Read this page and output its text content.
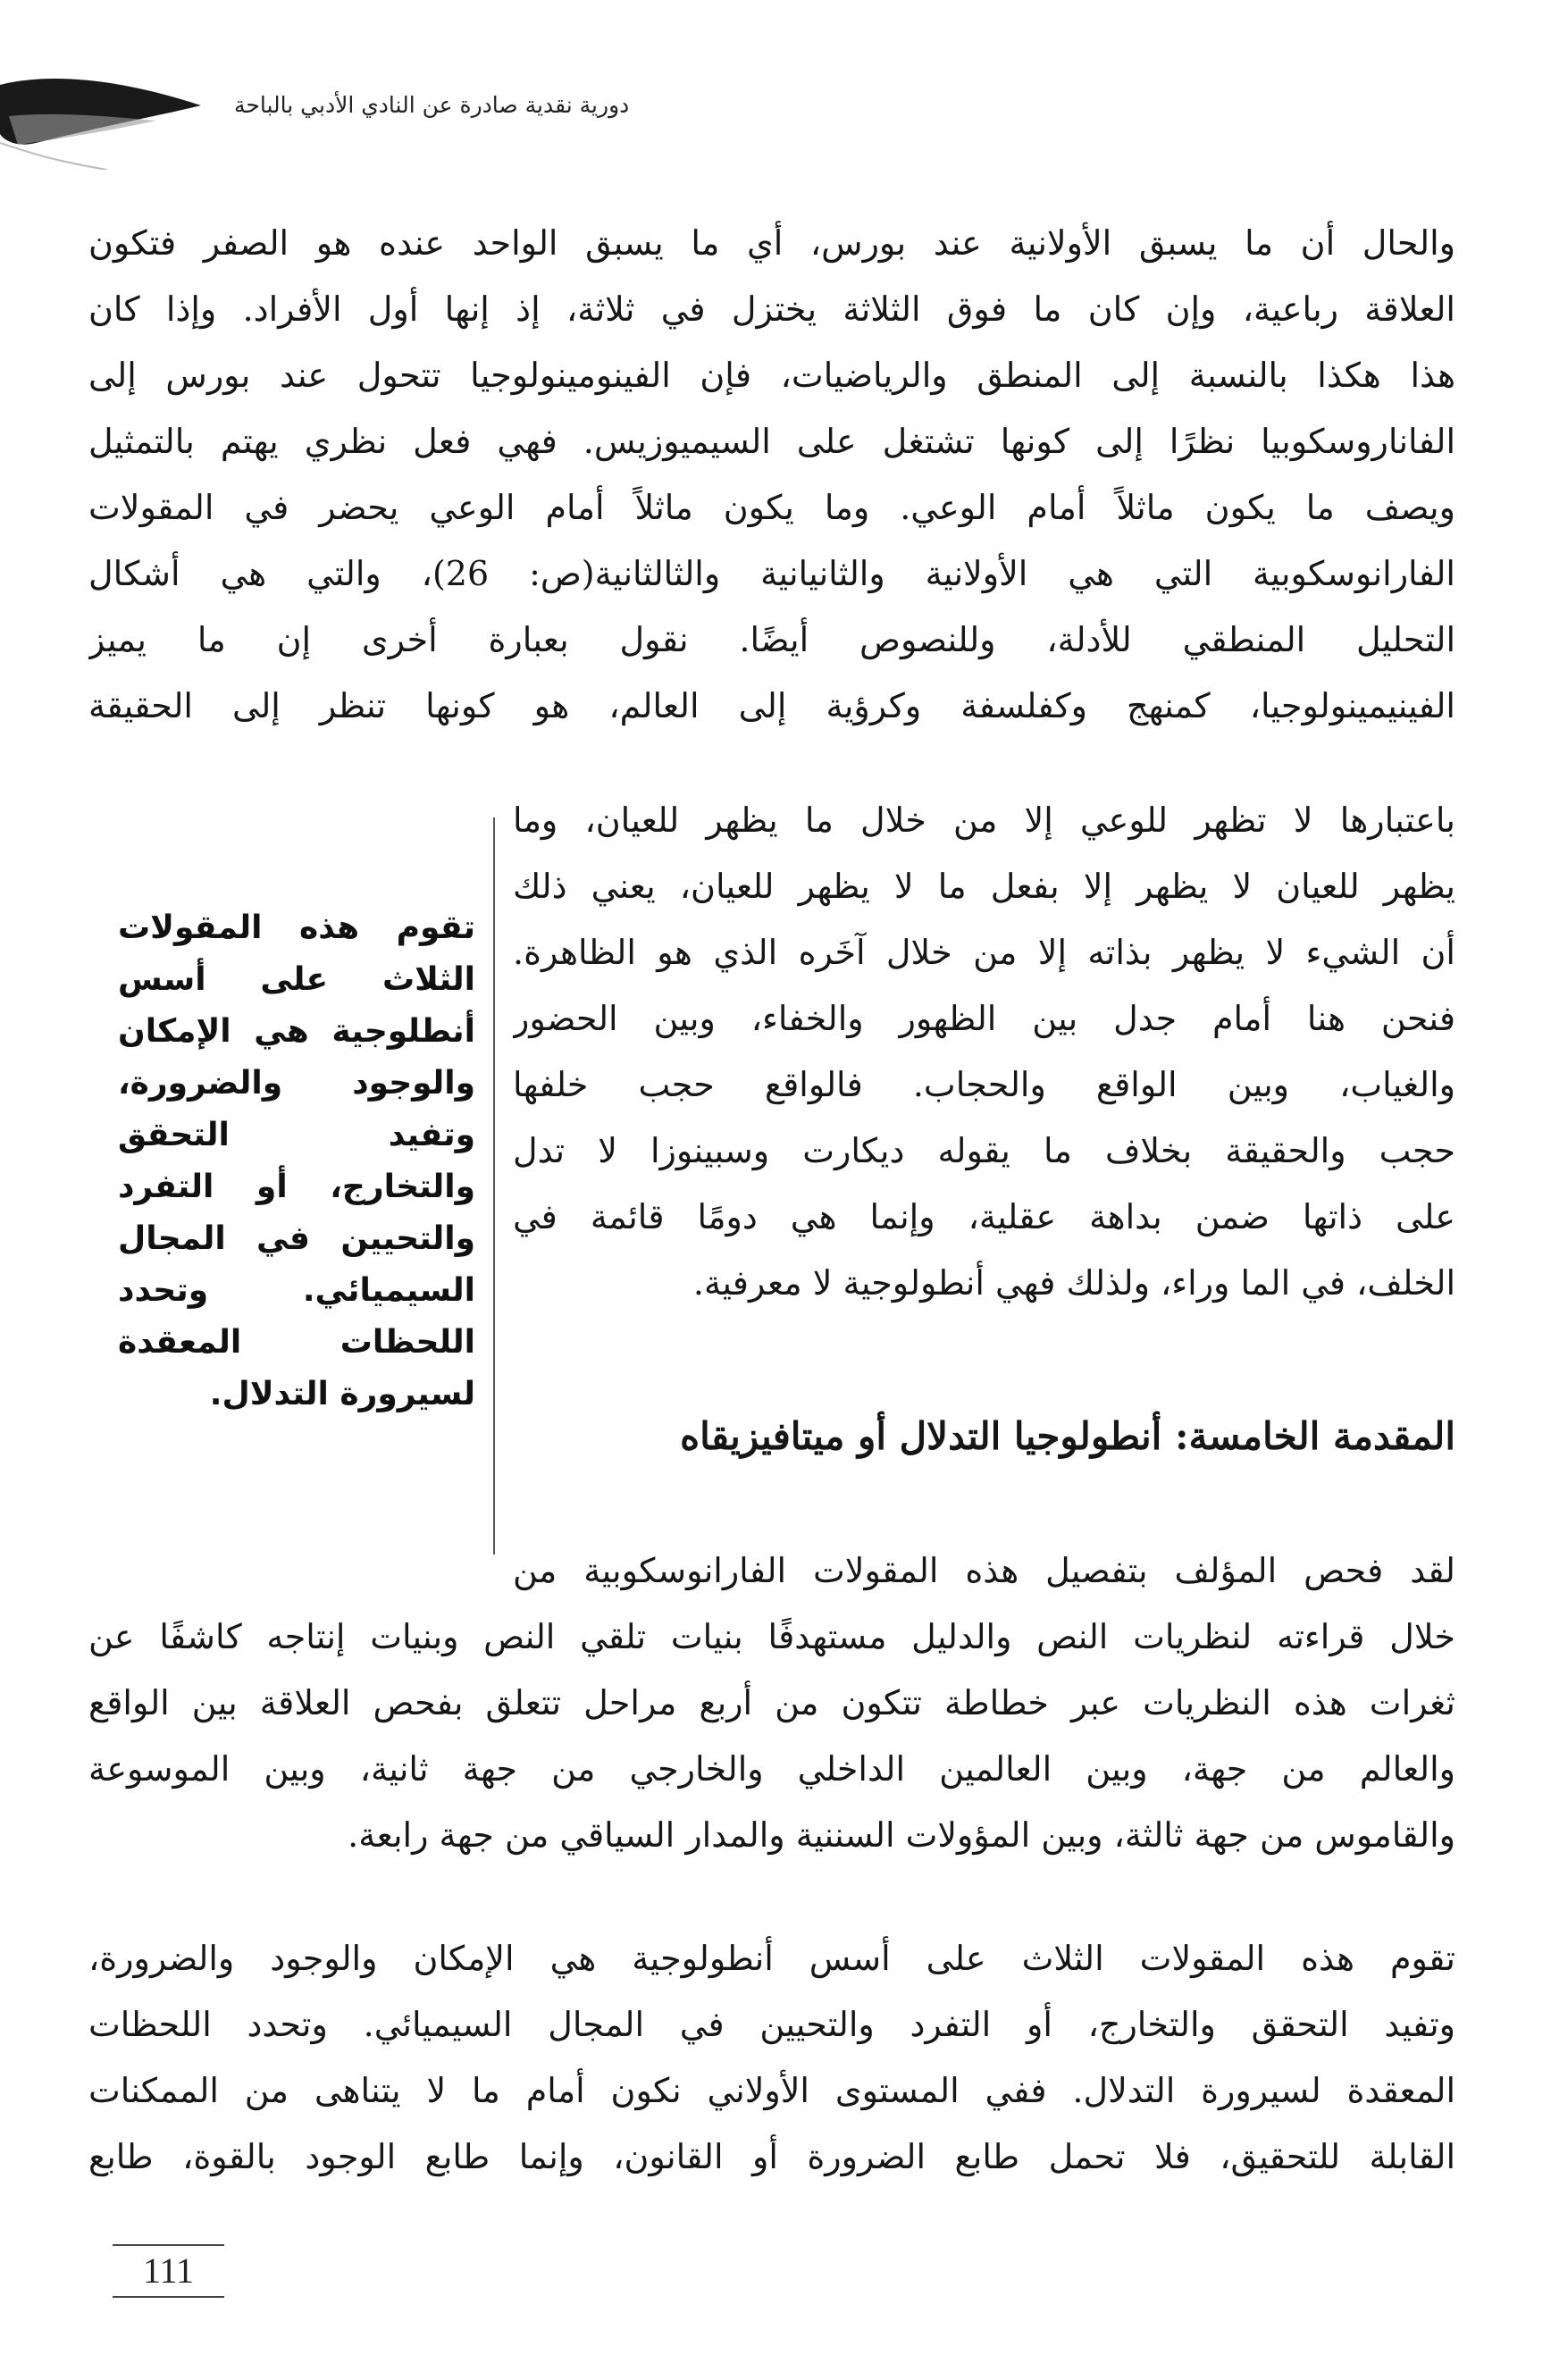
دورية نقدية صادرة عن النادي الأدبي بالباحة
والحال أن ما يسبق الأولانية عند بورس، أي ما يسبق الواحد عنده هو الصفر فتكون
العلاقة رباعية، وإن كان ما فوق الثلاثة يختزل في ثلاثة، إذ إنها أول الأفراد. وإذا كان
هذا هكذا بالنسبة إلى المنطق والرياضيات، فإن الفينومينولوجيا تتحول عند بورس إلى
الفاناروسكوبيا نظرًا إلى كونها تشتغل على السيميوزيس. فهي فعل نظري يهتم بالتمثيل
ويصف ما يكون ماثلاً أمام الوعي. وما يكون ماثلاً أمام الوعي يحضر في المقولات
الفارانوسكوبية التي هي الأولانية والثانيانية والثالثانية(ص: 26)، والتي هي أشكال
التحليل المنطقي للأدلة، وللنصوص أيضًا. نقول بعبارة أخرى إن ما يميز
الفينيمينولوجيا، كمنهج وكفلسفة وكرؤية إلى العالم، هو كونها تنظر إلى الحقيقة
باعتبارها لا تظهر للوعي إلا من خلال ما يظهر للعيان، وما
يظهر للعيان لا يظهر إلا بفعل ما لا يظهر للعيان، يعني ذلك
أن الشيء لا يظهر بذاته إلا من خلال آخَره الذي هو الظاهرة.
فنحن هنا أمام جدل بين الظهور والخفاء، وبين الحضور
والغياب، وبين الواقع والحجاب. فالواقع حجب خلفها
حجب والحقيقة بخلاف ما يقوله ديكارت وسبينوزا لا تدل
على ذاتها ضمن بداهة عقلية، وإنما هي دومًا قائمة في
الخلف، في الما وراء، ولذلك فهي أنطولوجية لا معرفية.
المقدمة الخامسة: أنطولوجيا التدلال أو ميتافيزيقاه
لقد فحص المؤلف بتفصيل هذه المقولات الفارانوسكوبية من
خلال قراءته لنظريات النص والدليل مستهدفًا بنيات تلقي النص وبنيات إنتاجه كاشفًا عن
ثغرات هذه النظريات عبر خطاطة تتكون من أربع مراحل تتعلق بفحص العلاقة بين الواقع
والعالم من جهة، وبين العالمين الداخلي والخارجي من جهة ثانية، وبين الموسوعة
والقاموس من جهة ثالثة، وبين المؤولات السننية والمدار السياقي من جهة رابعة.
تقوم هذه المقولات الثلاث على أسس أنطولوجية هي الإمكان والوجود والضرورة،
وتفيد التحقق والتخارج، أو التفرد والتحيين في المجال السيميائي. وتحدد اللحظات
المعقدة لسيرورة التدلال. ففي المستوى الأولاني نكون أمام ما لا يتناهى من الممكنات
القابلة للتحقيق، فلا تحمل طابع الضرورة أو القانون، وإنما طابع الوجود بالقوة، طابع
تقوم هذه المقولات
الثلاث على أسس
أنطلوجية هي الإمكان
والوجود والضرورة،
وتفيد التحقق
والتخارج، أو التفرد
والتحيين في المجال
السيميائي. وتحدد
اللحظات المعقدة
لسيرورة التدلال.
111
